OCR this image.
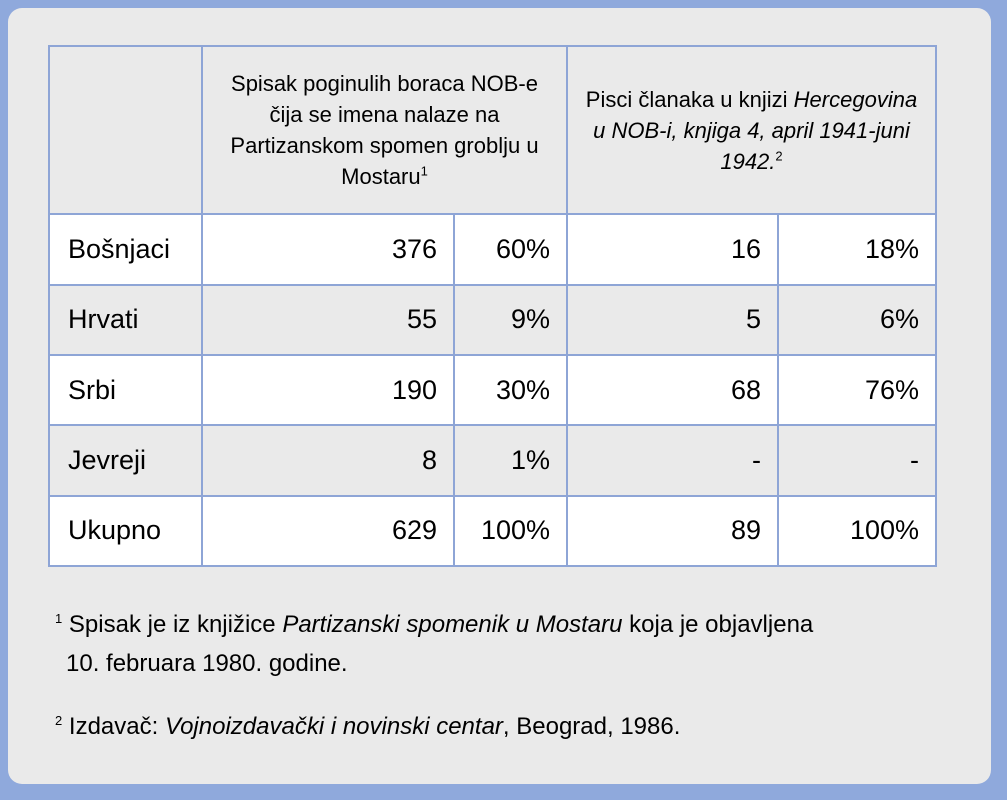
	Spisak poginulih boraca NOB-e čija se imena nalaze na Partizanskom spomen groblju u Mostaru$^1$		Pisci članaka u knjizi Hercegovina u NOB-i, knjiga 4, april 1941-juni 1942.$^2$
Bošnjaci	376	60%	16	18%
Hrvati	55	9%	5	6%
Srbi	190	30%	68	76%
Jevreji	8	1%	-	-
Ukupno	629	100%	89	100%

$^1$ Spisak je iz knjižice Partizanski spomenik u Mostaru koja je objavljena
10. februara 1980. godine.

$^2$ Izdavač: Vojnoizdavački i novinski centar, Beograd, 1986.
